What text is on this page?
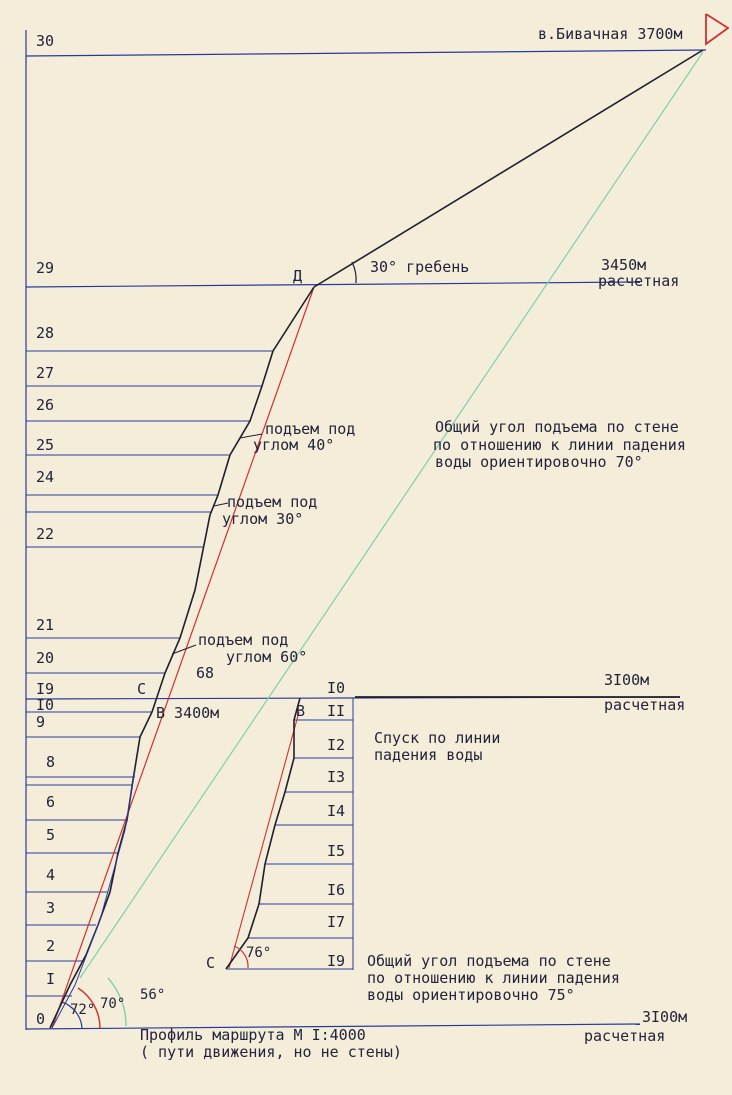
в.Бивачная 3700м
30
29
28
27
26
25
24
22
21
20
I9
I0
9
8
6
5
4
3
2
I
0
I0
II
I2
I3
I4
I5
I6
I7
I9
Д
С
В 3400м	В
С
30° гребень	3450м
расчетная
3I00м
расчетная
3I00м
расчетная
подъем под
углом 40°
подъем под
углом 30°
подъем под
углом 60°
68
Общий угол подъема по стене
по отношению к линии падения
воды ориентировочно 70°
Спуск по линии
падения воды
Общий угол подъема по стене
по отношению к линии падения
воды ориентировочно 75°
72° 70°
56°
76°
Профиль маршрута М I:4000
( пути движения, но не стены)
